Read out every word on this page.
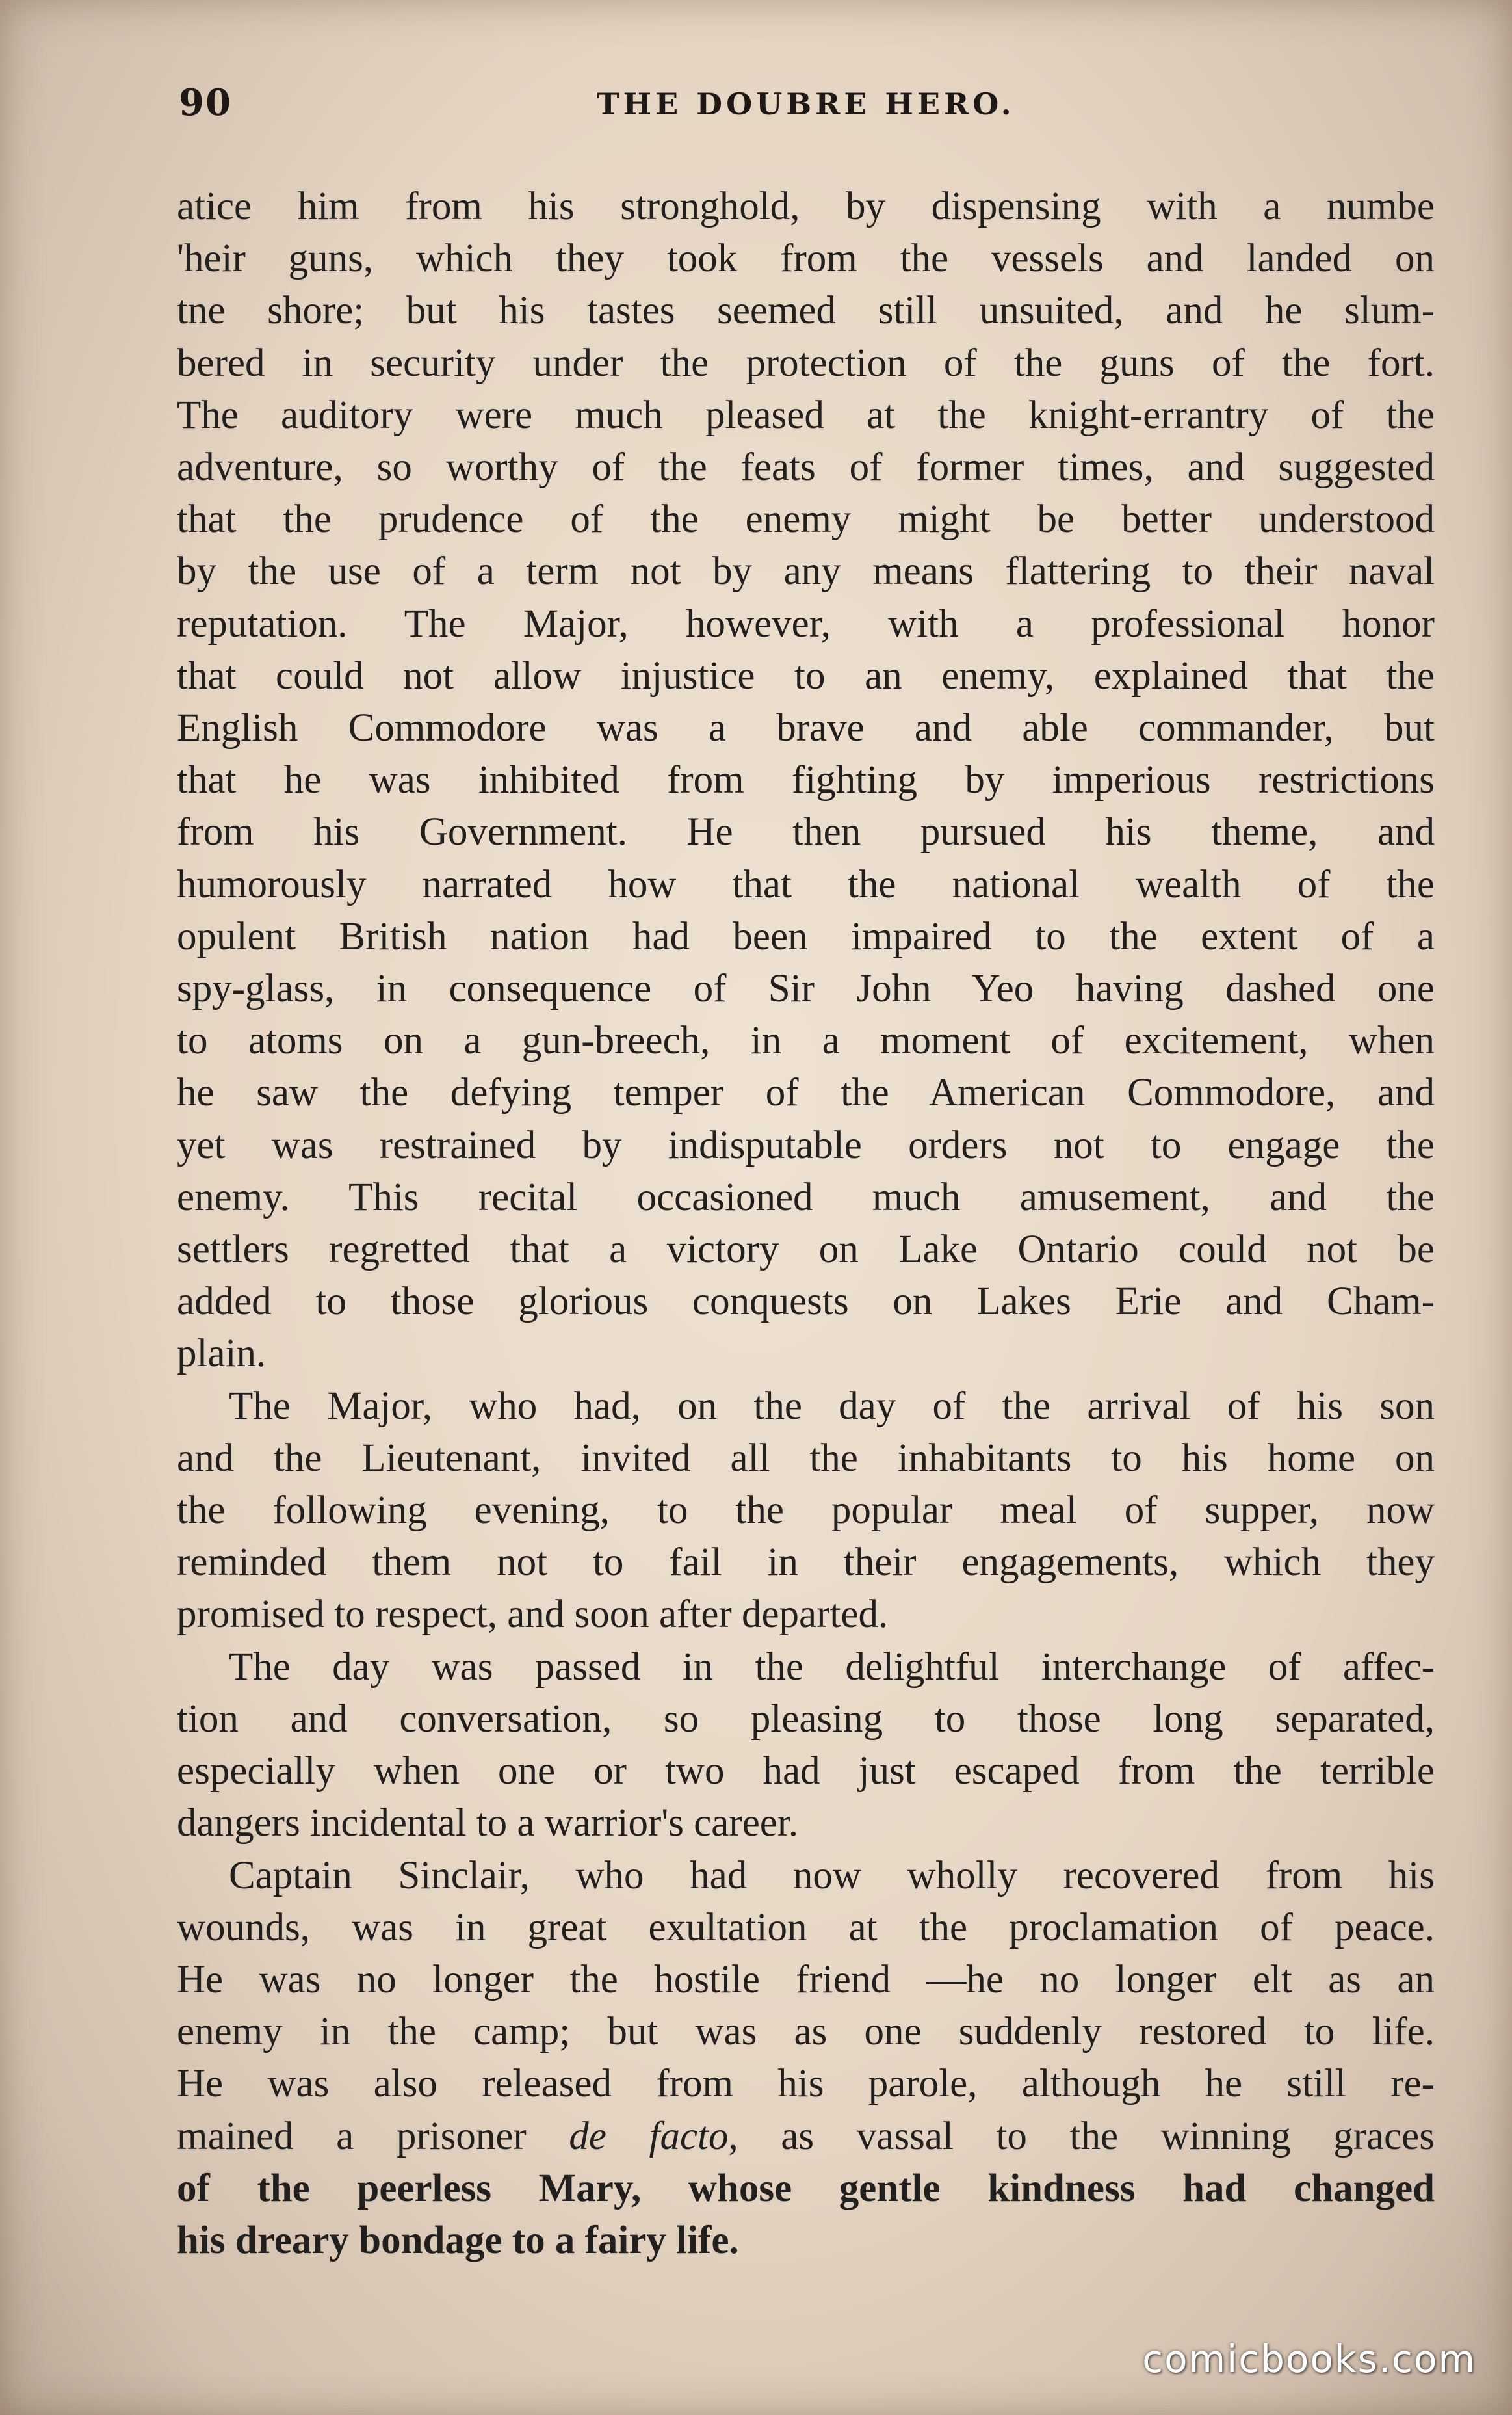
90	THE DOUBRE HERO.
atice him from his stronghold, by dispensing with a numbe
'heir guns, which they took from the vessels and landed on
tne shore; but his tastes seemed still unsuited, and he slum-
bered in security under the protection of the guns of the fort.
The auditory were much pleased at the knight-errantry of the
adventure, so worthy of the feats of former times, and suggested
that the prudence of the enemy might be better understood
by the use of a term not by any means flattering to their naval
reputation. The Major, however, with a professional honor
that could not allow injustice to an enemy, explained that the
English Commodore was a brave and able commander, but
that he was inhibited from fighting by imperious restrictions
from his Government. He then pursued his theme, and
humorously narrated how that the national wealth of the
opulent British nation had been impaired to the extent of a
spy-glass, in consequence of Sir John Yeo having dashed one
to atoms on a gun-breech, in a moment of excitement, when
he saw the defying temper of the American Commodore, and
yet was restrained by indisputable orders not to engage the
enemy. This recital occasioned much amusement, and the
settlers regretted that a victory on Lake Ontario could not be
added to those glorious conquests on Lakes Erie and Cham-
plain.
The Major, who had, on the day of the arrival of his son
and the Lieutenant, invited all the inhabitants to his home on
the following evening, to the popular meal of supper, now
reminded them not to fail in their engagements, which they
promised to respect, and soon after departed.
The day was passed in the delightful interchange of affec-
tion and conversation, so pleasing to those long separated,
especially when one or two had just escaped from the terrible
dangers incidental to a warrior's career.
Captain Sinclair, who had now wholly recovered from his
wounds, was in great exultation at the proclamation of peace.
He was no longer the hostile friend —he no longer elt as an
enemy in the camp; but was as one suddenly restored to life.
He was also released from his parole, although he still re-
mained a prisoner de facto, as vassal to the winning graces
of the peerless Mary, whose gentle kindness had changed
his dreary bondage to a fairy life.
comicbooks.com
